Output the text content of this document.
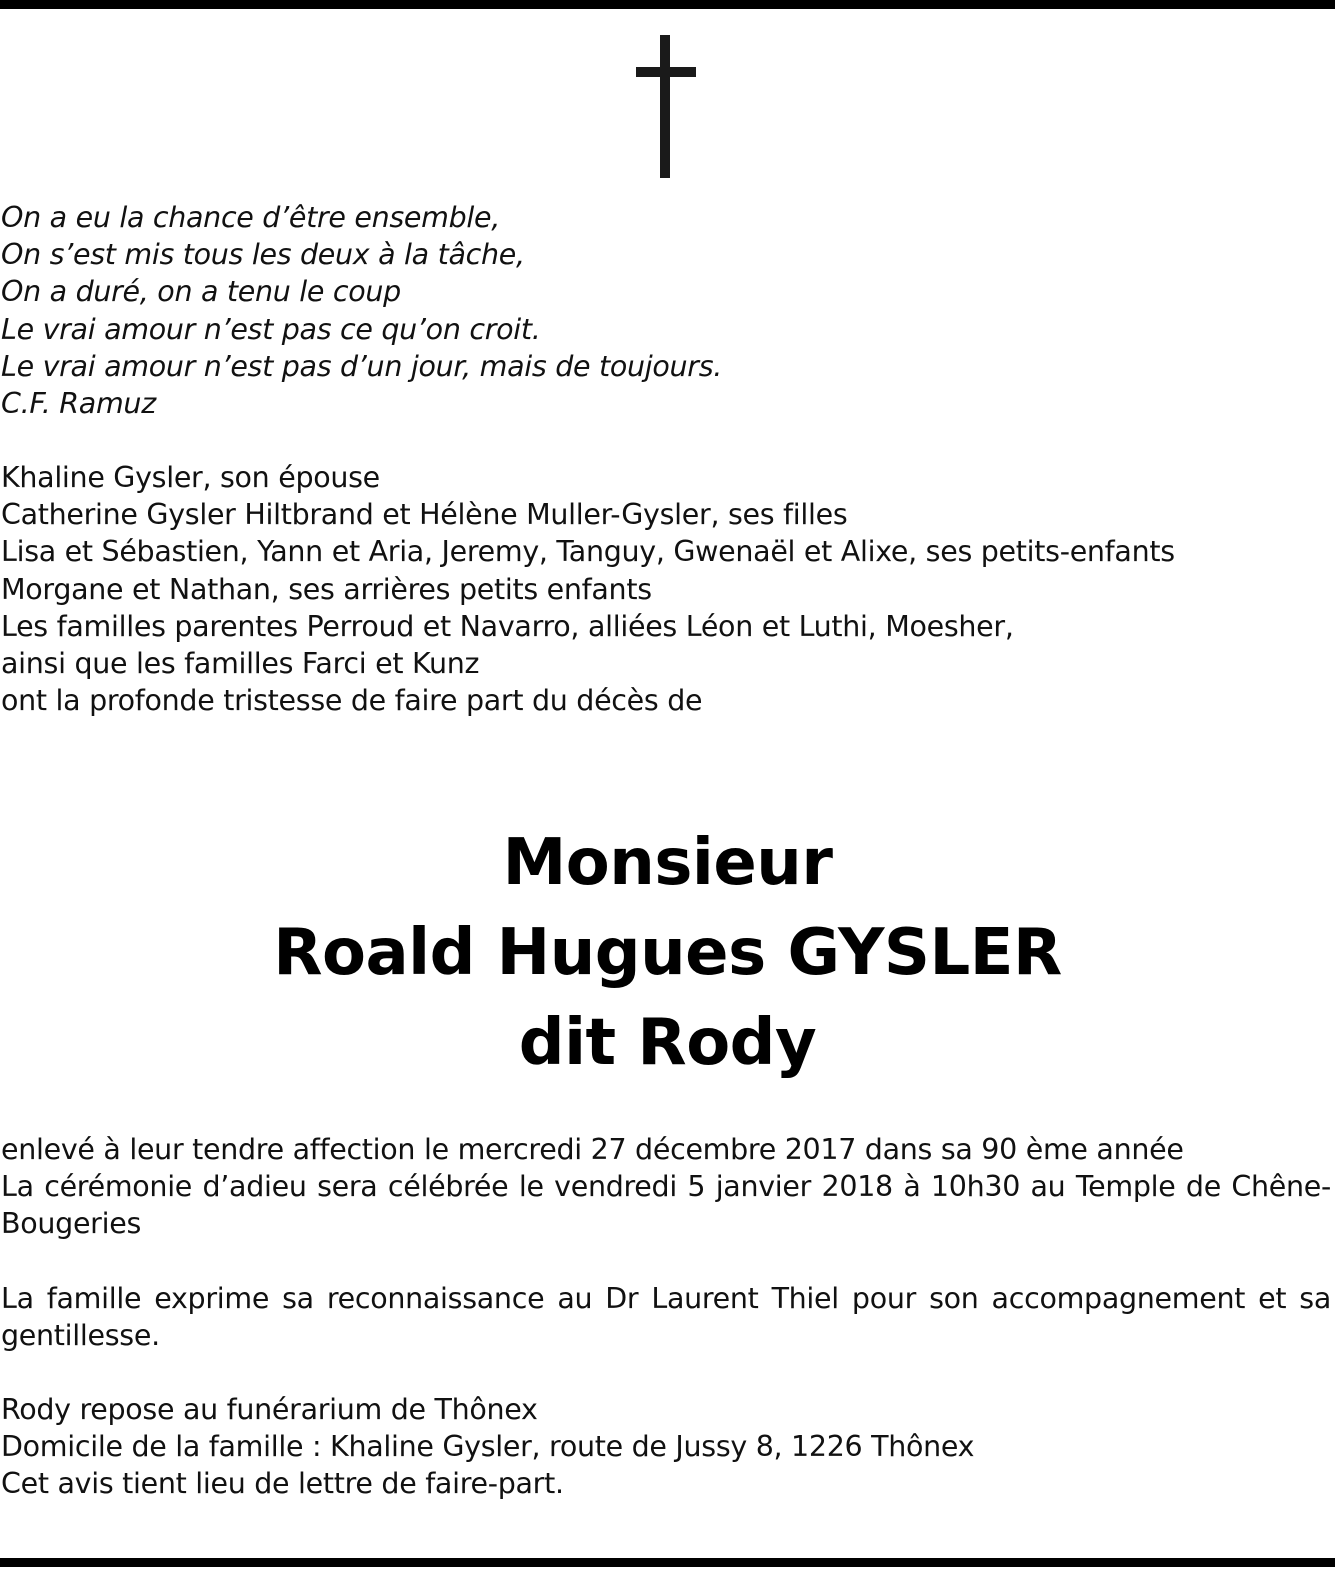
On a eu la chance d’être ensemble,
On s’est mis tous les deux à la tâche,
On a duré, on a tenu le coup
Le vrai amour n’est pas ce qu’on croit.
Le vrai amour n’est pas d’un jour, mais de toujours.
C.F. Ramuz
Khaline Gysler, son épouse
Catherine Gysler Hiltbrand et Hélène Muller-Gysler, ses filles
Lisa et Sébastien, Yann et Aria, Jeremy, Tanguy, Gwenaël et Alixe, ses petits-enfants
Morgane et Nathan, ses arrières petits enfants
Les familles parentes Perroud et Navarro, alliées Léon et Luthi, Moesher,
ainsi que les familles Farci et Kunz
ont la profonde tristesse de faire part du décès de
Monsieur
Roald Hugues GYSLER
dit Rody
enlevé à leur tendre affection le mercredi 27 décembre 2017 dans sa 90 ème année
La cérémonie d’adieu sera célébrée le vendredi 5 janvier 2018 à 10h30 au Temple de Chêne-Bougeries
La famille exprime sa reconnaissance au Dr Laurent Thiel pour son accompagnement et sa gentillesse.
Rody repose au funérarium de Thônex
Domicile de la famille : Khaline Gysler, route de Jussy 8, 1226 Thônex
Cet avis tient lieu de lettre de faire-part.
